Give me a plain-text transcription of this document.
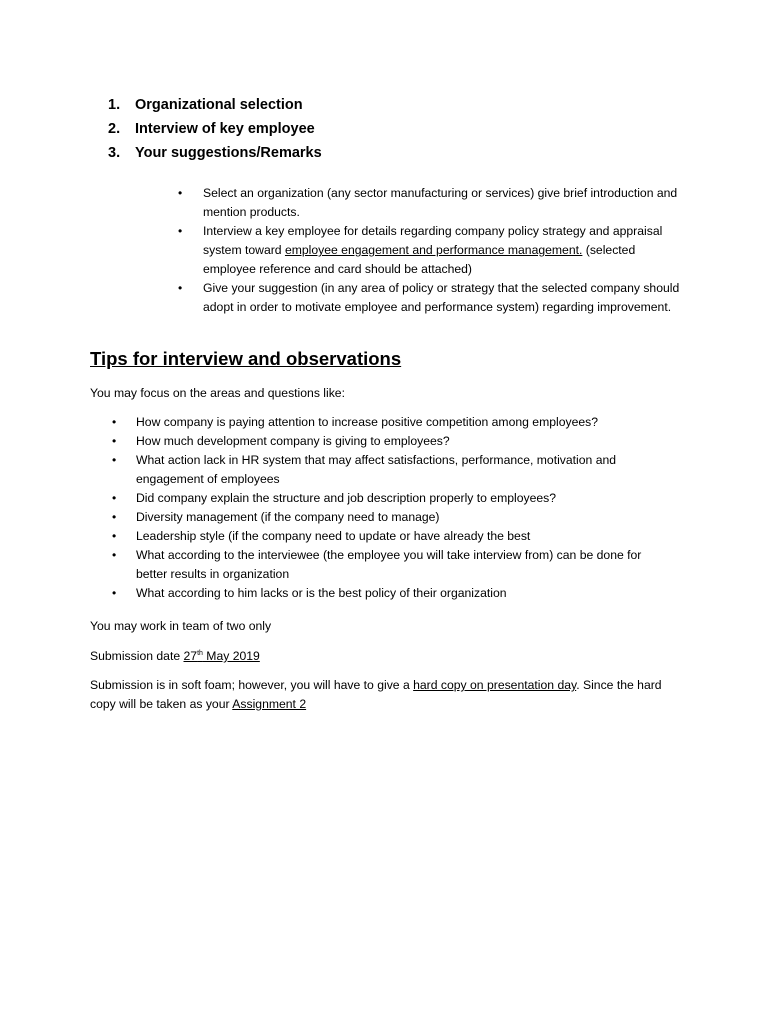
1.	Organizational selection
2.	Interview of key employee
3.	Your suggestions/Remarks
• Select an organization (any sector manufacturing or services) give brief introduction and mention products.
• Interview a key employee for details regarding company policy strategy and appraisal system toward employee engagement and performance management. (selected employee reference and card should be attached)
• Give your suggestion (in any area of policy or strategy that the selected company should adopt in order to motivate employee and performance system) regarding improvement.
Tips for interview and observations

You may focus on the areas and questions like:

• How company is paying attention to increase positive competition among employees?
• How much development company is giving to employees?
• What action lack in HR system that may affect satisfactions, performance, motivation and engagement of employees
• Did company explain the structure and job description properly to employees?
• Diversity management (if the company need to manage)
• Leadership style (if the company need to update or have already the best
• What according to the interviewee (the employee you will take interview from) can be done for better results in organization
• What according to him lacks or is the best policy of their organization

You may work in team of two only

Submission date 27th May 2019

Submission is in soft foam; however, you will have to give a hard copy on presentation day. Since the hard copy will be taken as your Assignment 2
